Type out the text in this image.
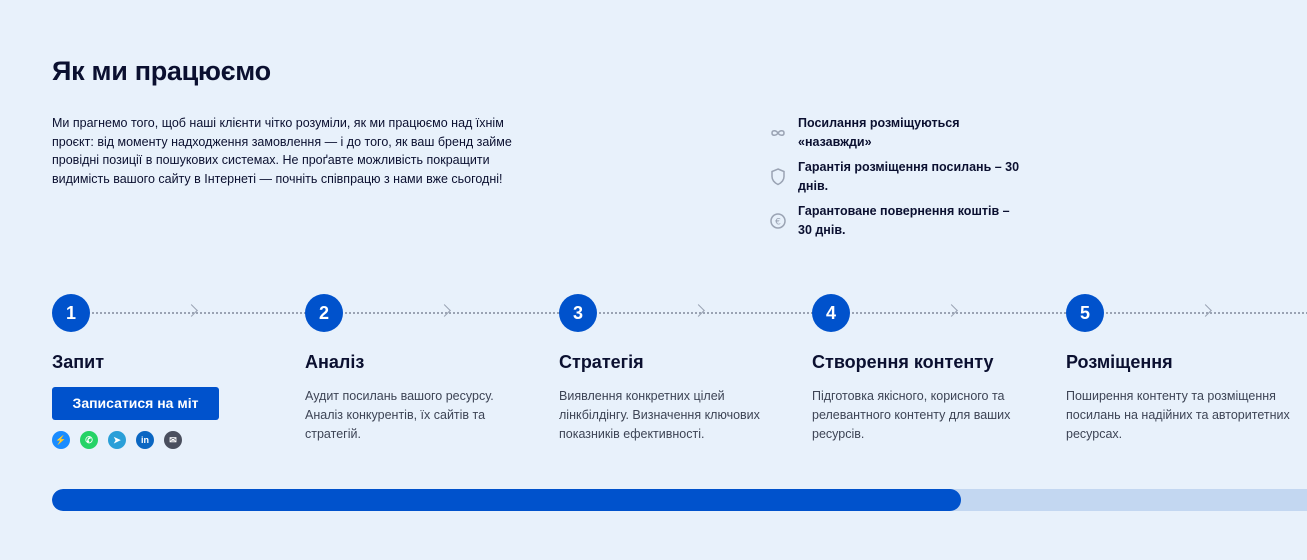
Як ми працюємо

Ми прагнемо того, щоб наші клієнти чітко розуміли, як ми працюємо над їхнім проєкт: від моменту надходження замовлення — і до того, як ваш бренд займе провідні позиції в пошукових системах. Не проґавте можливість покращити видимість вашого сайту в Інтернеті — почніть співпрацю з нами вже сьогодні!

Посилання розміщуються «назавжди»
Гарантія розміщення посилань – 30 днів.
€
Гарантоване повернення коштів – 30 днів.
1
Запит
Записатися на міт
⚡	✆	➤	in	✉
2
Аналіз
Аудит посилань вашого ресурсу. Аналіз конкурентів, їх сайтів та стратегій.
3
Стратегія
Виявлення конкретних цілей лінкбілдінгу. Визначення ключових показників ефективності.
4
Створення контенту
Підготовка якісного, корисного та релевантного контенту для ваших ресурсів.
5
Розміщення
Поширення контенту та розміщення посилань на надійних та авторитетних ресурсах.
